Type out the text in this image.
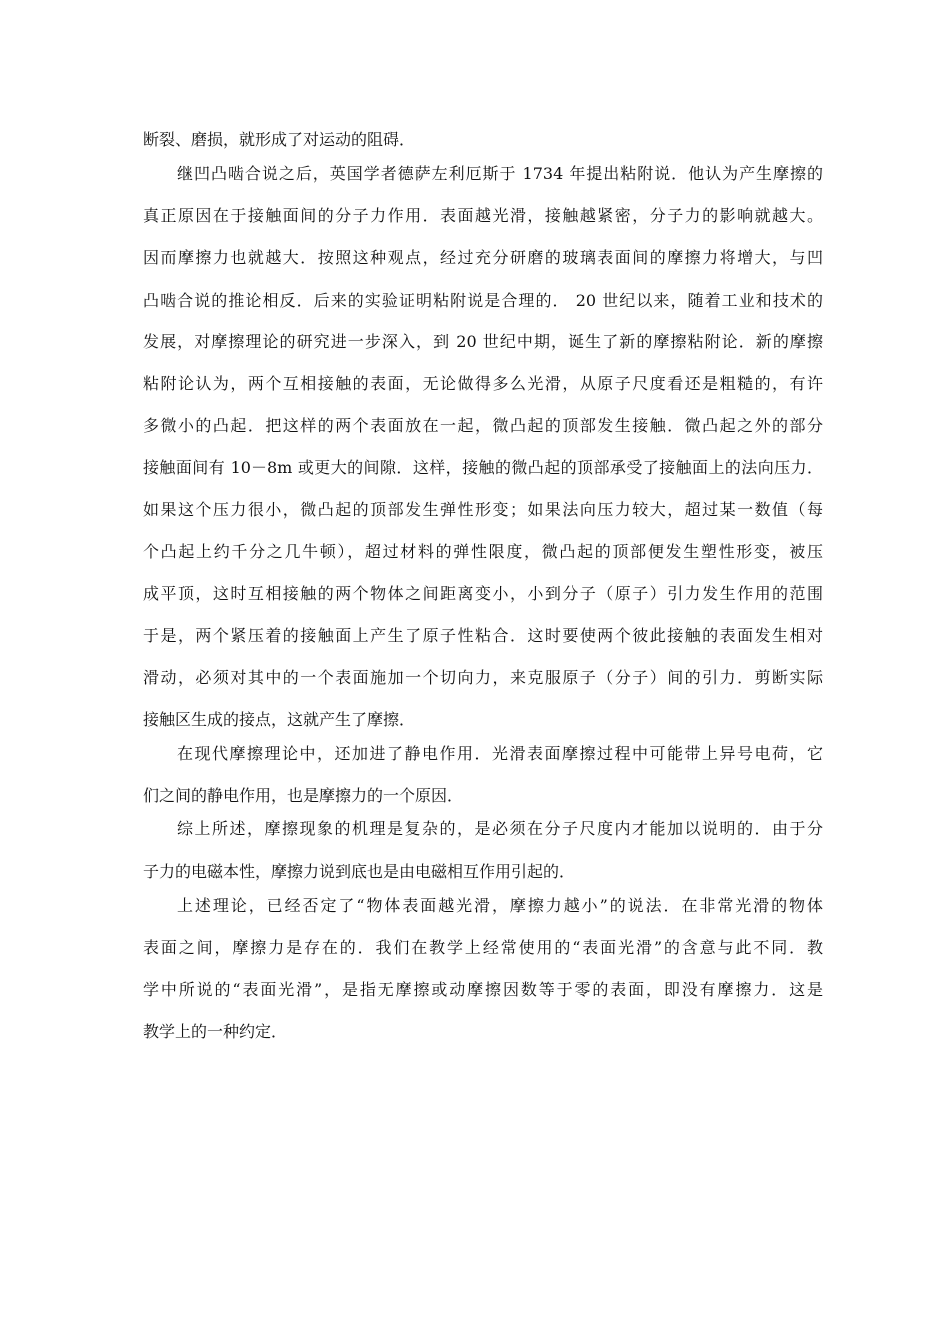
断裂、磨损，就形成了对运动的阻碍．
继凹凸啮合说之后，英国学者德萨左利厄斯于 1734 年提出粘附说．他认为产生摩擦的
真正原因在于接触面间的分子力作用．表面越光滑，接触越紧密，分子力的影响就越大。
因而摩擦力也就越大．按照这种观点，经过充分研磨的玻璃表面间的摩擦力将增大，与凹
凸啮合说的推论相反．后来的实验证明粘附说是合理的． 20 世纪以来，随着工业和技术的
发展，对摩擦理论的研究进一步深入，到 20 世纪中期，诞生了新的摩擦粘附论．新的摩擦
粘附论认为，两个互相接触的表面，无论做得多么光滑，从原子尺度看还是粗糙的，有许
多微小的凸起．把这样的两个表面放在一起，微凸起的顶部发生接触．微凸起之外的部分
接触面间有 10－8m 或更大的间隙．这样，接触的微凸起的顶部承受了接触面上的法向压力．
如果这个压力很小，微凸起的顶部发生弹性形变；如果法向压力较大，超过某一数值（每
个凸起上约千分之几牛顿），超过材料的弹性限度，微凸起的顶部便发生塑性形变，被压
成平顶，这时互相接触的两个物体之间距离变小，小到分子（原子）引力发生作用的范围
于是，两个紧压着的接触面上产生了原子性粘合．这时要使两个彼此接触的表面发生相对
滑动，必须对其中的一个表面施加一个切向力，来克服原子（分子）间的引力．剪断实际
接触区生成的接点，这就产生了摩擦．
在现代摩擦理论中，还加进了静电作用．光滑表面摩擦过程中可能带上异号电荷，它
们之间的静电作用，也是摩擦力的一个原因．
综上所述，摩擦现象的机理是复杂的，是必须在分子尺度内才能加以说明的．由于分
子力的电磁本性，摩擦力说到底也是由电磁相互作用引起的．
上述理论，已经否定了“物体表面越光滑，摩擦力越小”的说法．在非常光滑的物体
表面之间，摩擦力是存在的．我们在教学上经常使用的“表面光滑”的含意与此不同．教
学中所说的“表面光滑”，是指无摩擦或动摩擦因数等于零的表面，即没有摩擦力．这是
教学上的一种约定．
